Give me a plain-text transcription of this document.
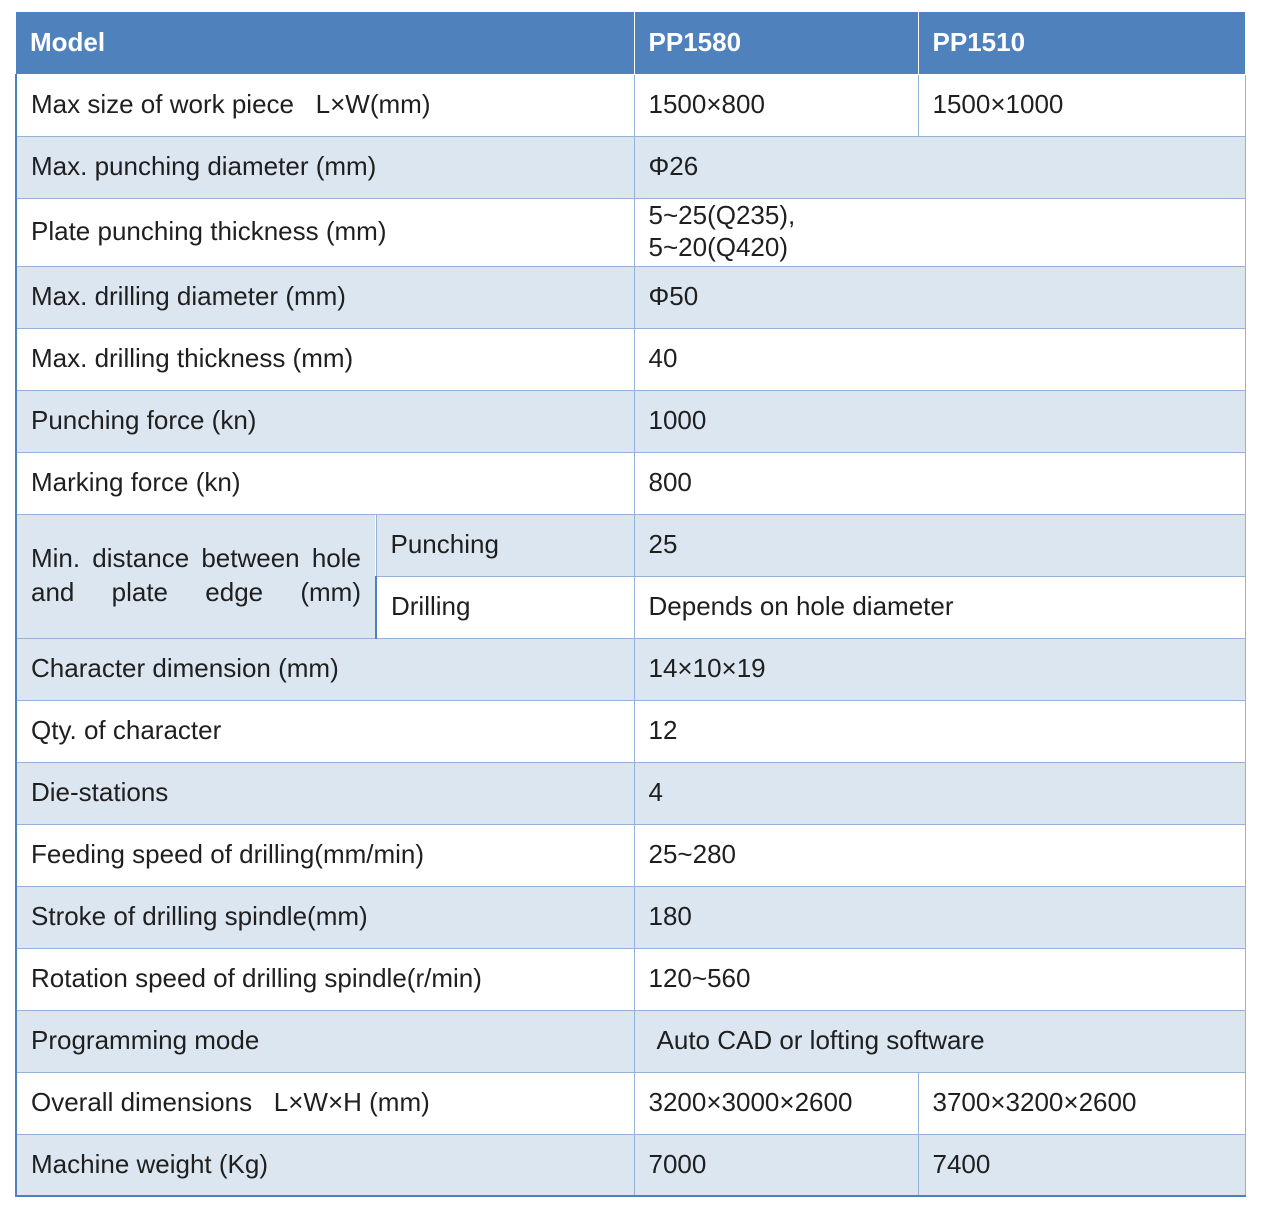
Model		PP1580	PP1510
Max size of work piece   L×W(mm)		1500×800	1500×1000
Max. punching diameter (mm)		Φ26	
Plate punching thickness (mm)		5~25(Q235),
5~20(Q420)	

Max. drilling diameter (mm)		Φ50	
Max. drilling thickness (mm)		40	
Punching force (kn)		1000	
Marking force (kn)		800	
Min. distance between hole and plate edge (mm)	Punching	25	
	Drilling	Depends on hole diameter	
Character dimension (mm)		14×10×19	
Qty. of character		12	
Die-stations		4	
Feeding speed of drilling(mm/min)		25~280	
Stroke of drilling spindle(mm)		180	
Rotation speed of drilling spindle(r/min)		120~560	
Programming mode		Auto CAD or lofting software	
Overall dimensions   L×W×H (mm)		3200×3000×2600	3700×3200×2600
Machine weight (Kg)		7000	7400
